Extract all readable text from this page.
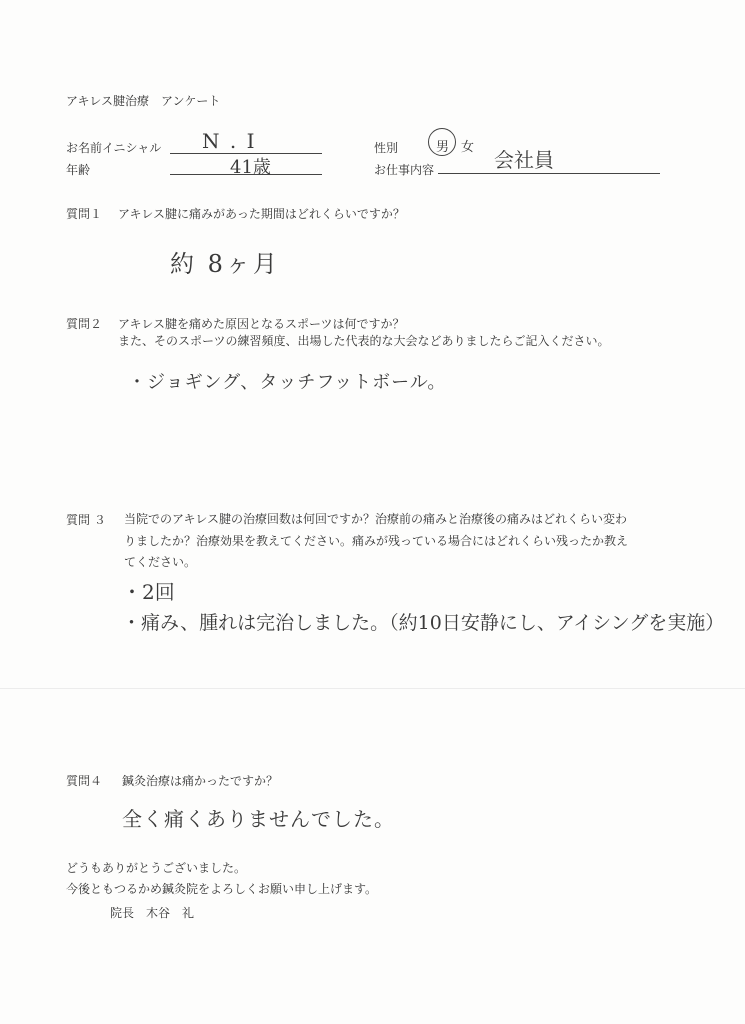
アキレス腱治療　アンケート
お名前イニシャル N . I	性別	男 女
年齢	41歳	お仕事内容	会社員
質問１ アキレス腱に痛みがあった期間はどれくらいですか？
約 8ヶ月
質問２ アキレス腱を痛めた原因となるスポーツは何ですか？
また、そのスポーツの練習頻度、出場した代表的な大会などありましたらご記入ください。
・ジョギング、タッチフットボール。
質問 ３ 当院でのアキレス腱の治療回数は何回ですか？治療前の痛みと治療後の痛みはどれくらい変わ
りましたか？治療効果を教えてください。痛みが残っている場合にはどれくらい残ったか教え
てください。
・2回
・痛み、腫れは完治しました。（約10日安静にし、アイシングを実施）
質問４ 鍼灸治療は痛かったですか？
全く痛くありませんでした。
どうもありがとうございました。
今後ともつるかめ鍼灸院をよろしくお願い申し上げます。
院長　木谷　礼
